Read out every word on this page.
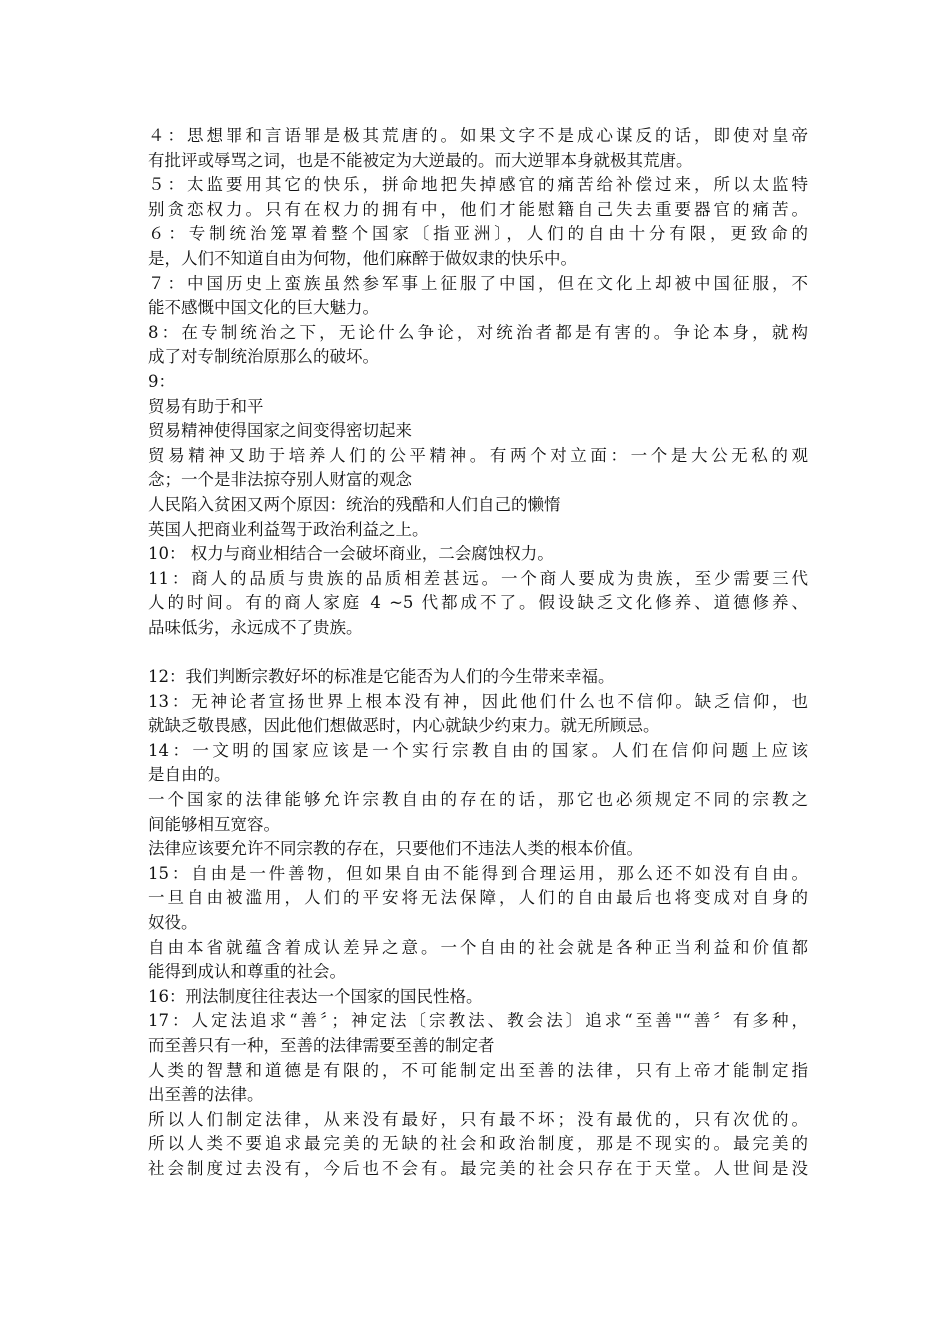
４：思想罪和言语罪是极其荒唐的。如果文字不是成心谋反的话，即使对皇帝
有批评或辱骂之词，也是不能被定为大逆最的。而大逆罪本身就极其荒唐。
５：太监要用其它的快乐，拼命地把失掉感官的痛苦给补偿过来，所以太监特
别贪恋权力。只有在权力的拥有中，他们才能慰籍自己失去重要器官的痛苦。
６：专制统治笼罩着整个国家〔指亚洲〕，人们的自由十分有限，更致命的
是，人们不知道自由为何物，他们麻醉于做奴隶的快乐中。
７：中国历史上蛮族虽然参军事上征服了中国，但在文化上却被中国征服，不
能不感慨中国文化的巨大魅力。
8：在专制统治之下，无论什么争论，对统治者都是有害的。争论本身，就构
成了对专制统治原那么的破坏。
9：
贸易有助于和平
贸易精神使得国家之间变得密切起来
贸易精神又助于培养人们的公平精神。有两个对立面：一个是大公无私的观
念；一个是非法掠夺别人财富的观念
人民陷入贫困又两个原因：统治的残酷和人们自己的懒惰
英国人把商业利益驾于政治利益之上。
10： 权力与商业相结合一会破坏商业，二会腐蚀权力。
11：商人的品质与贵族的品质相差甚远。一个商人要成为贵族，至少需要三代
人的时间。有的商人家庭 4 ~5 代都成不了。假设缺乏文化修养、道德修养、
品味低劣，永远成不了贵族。
12：我们判断宗教好坏的标准是它能否为人们的今生带来幸福。
13：无神论者宣扬世界上根本没有神，因此他们什么也不信仰。缺乏信仰，也
就缺乏敬畏感，因此他们想做恶时，内心就缺少约束力。就无所顾忌。
14：一文明的国家应该是一个实行宗教自由的国家。人们在信仰问题上应该
是自由的。
一个国家的法律能够允许宗教自由的存在的话，那它也必须规定不同的宗教之
间能够相互宽容。
法律应该要允许不同宗教的存在，只要他们不违法人类的根本价值。
15：自由是一件善物，但如果自由不能得到合理运用，那么还不如没有自由。
一旦自由被滥用，人们的平安将无法保障，人们的自由最后也将变成对自身的
奴役。
自由本省就蕴含着成认差异之意。一个自由的社会就是各种正当利益和价值都
能得到成认和尊重的社会。
16：刑法制度往往表达一个国家的国民性格。
17：人定法追求“善〞；神定法〔宗教法、教会法〕追求“至善"“善〞有多种，
而至善只有一种，至善的法律需要至善的制定者
人类的智慧和道德是有限的，不可能制定出至善的法律，只有上帝才能制定指
出至善的法律。
所以人们制定法律，从来没有最好，只有最不坏；没有最优的，只有次优的。
所以人类不要追求最完美的无缺的社会和政治制度，那是不现实的。最完美的
社会制度过去没有，今后也不会有。最完美的社会只存在于天堂。人世间是没
